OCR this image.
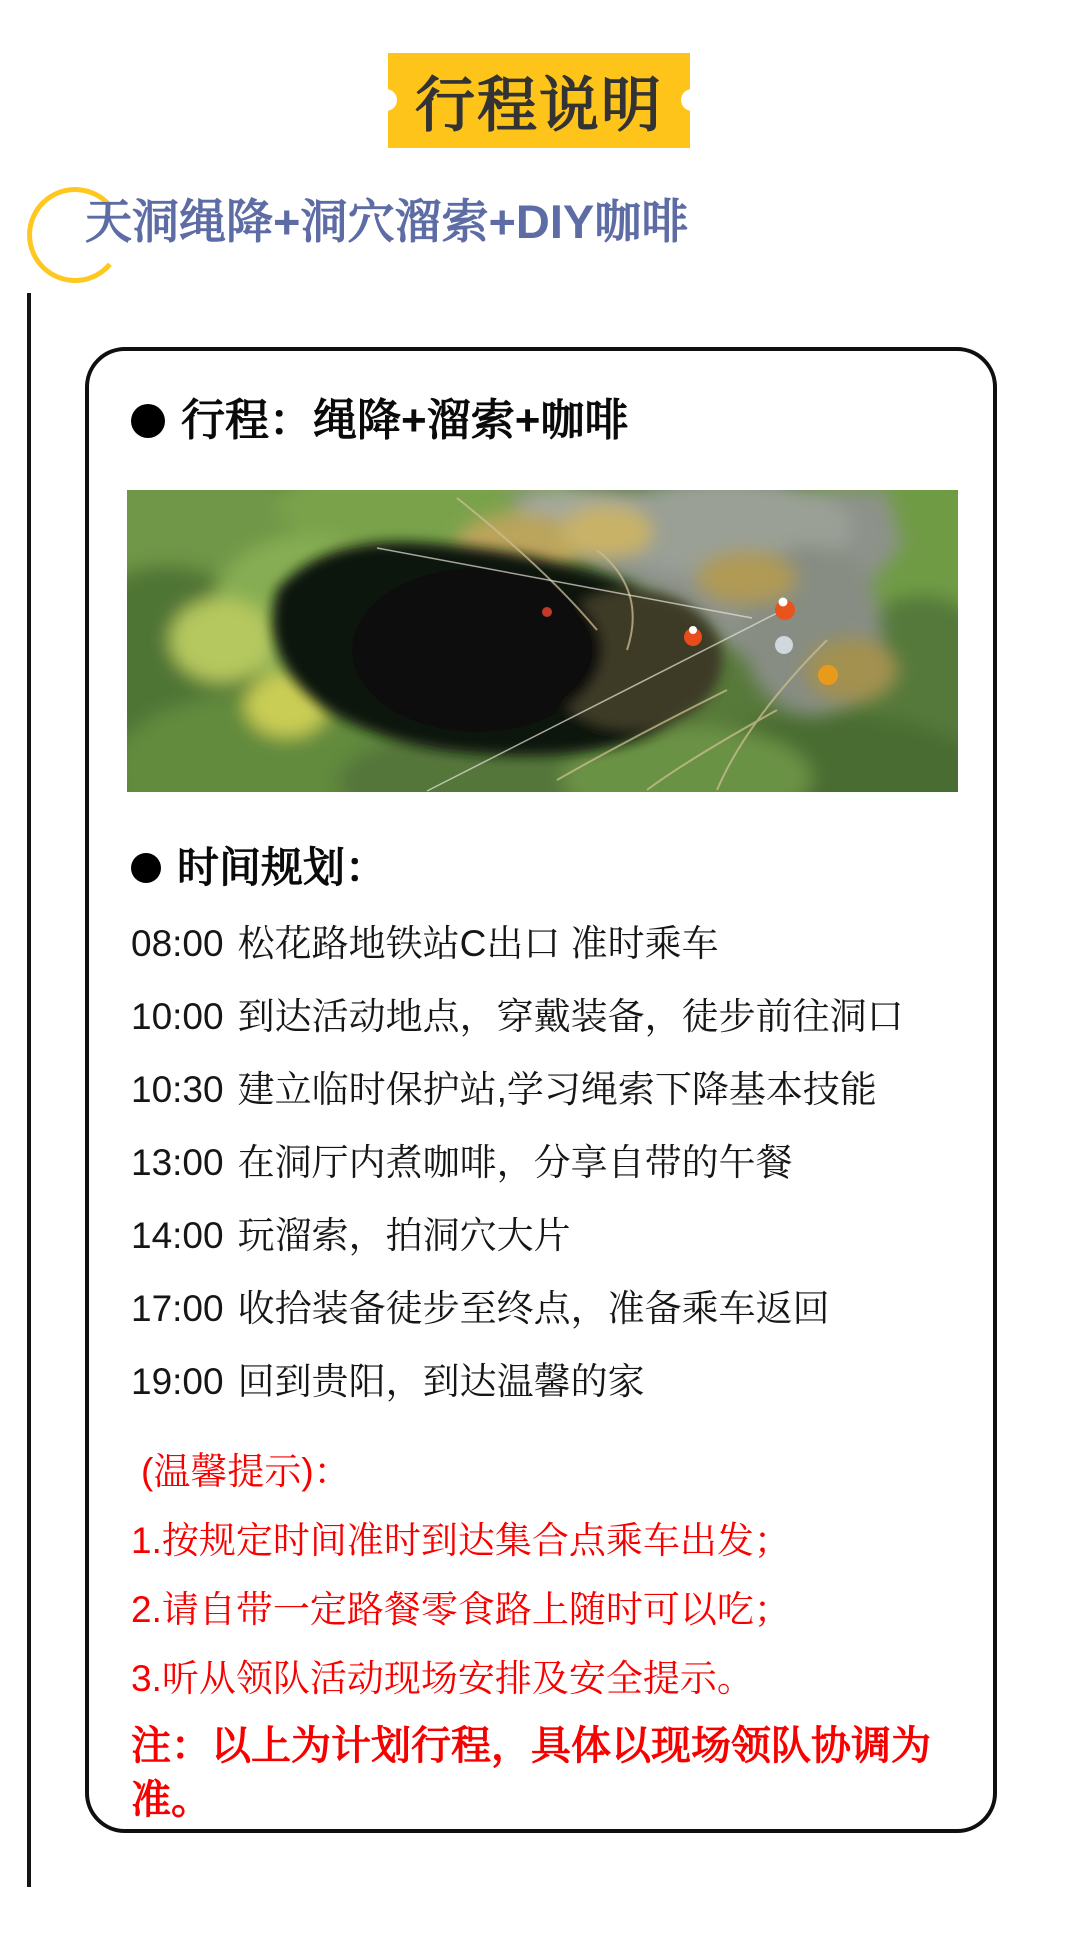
行程说明
天洞绳降+洞穴溜索+DIY咖啡
行程：绳降+溜索+咖啡
时间规划：
08:00 松花路地铁站C出口 准时乘车
10:00 到达活动地点，穿戴装备，徒步前往洞口
10:30 建立临时保护站,学习绳索下降基本技能
13:00 在洞厅内煮咖啡，分享自带的午餐
14:00 玩溜索，拍洞穴大片
17:00 收拾装备徒步至终点，准备乘车返回
19:00 回到贵阳，到达温馨的家
(温馨提示)：
1.按规定时间准时到达集合点乘车出发；
2.请自带一定路餐零食路上随时可以吃；
3.听从领队活动现场安排及安全提示。
注：以上为计划行程，具体以现场领队协调为准。
